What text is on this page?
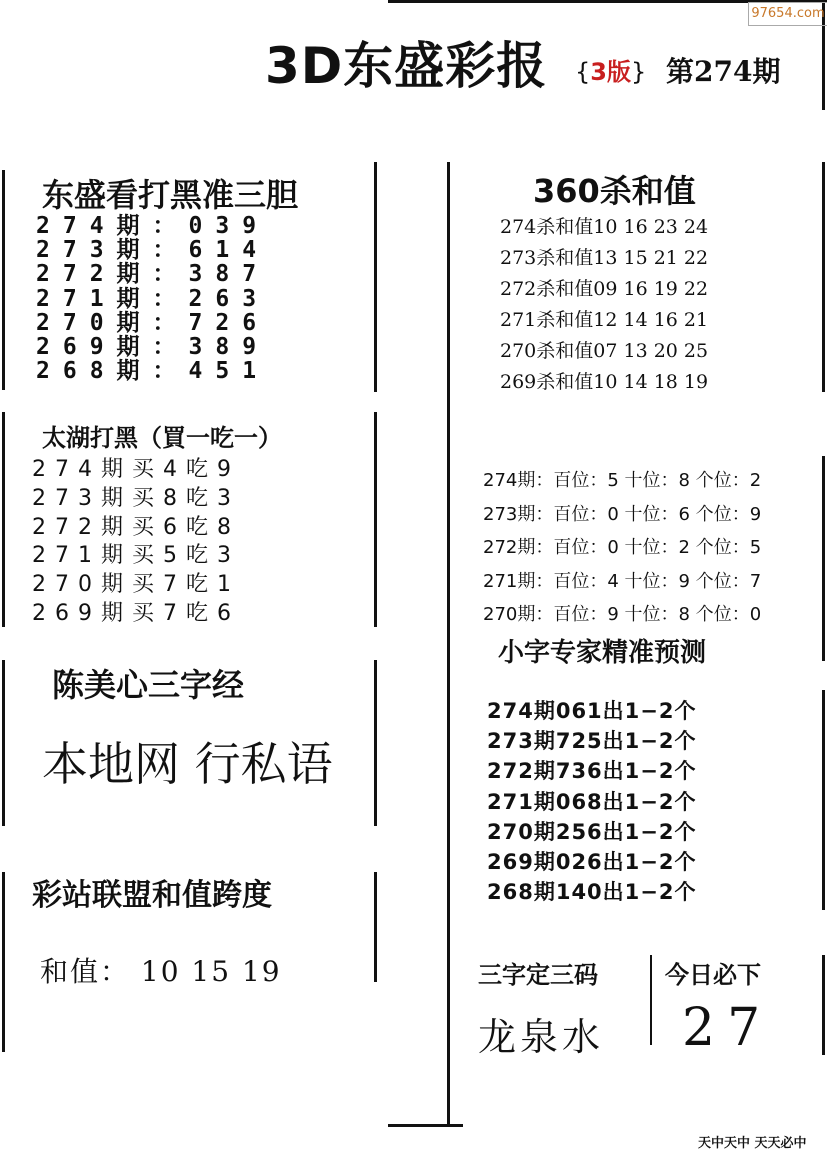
3D东盛彩报 {3版} 第274期
97654.com
天中天中 天天必中
东盛看打黑准三胆
274期：039
273期：614
272期：387
271期：263
270期：726
269期：389
268期：451
太湖打黑（買一吃一）
274期买4吃9
273期买8吃3
272期买6吃8
271期买5吃3
270期买7吃1
269期买7吃6
陈美心三字经
本地网 行私语
彩站联盟和值跨度
和值： 10 15 19
360杀和值
274杀和值10 16 23 24
273杀和值13 15 21 22
272杀和值09 16 19 22
271杀和值12 14 16 21
270杀和值07 13 20 25
269杀和值10 14 18 19
274期：百位：5 十位：8 个位：2
273期：百位：0 十位：6 个位：9
272期：百位：0 十位：2 个位：5
271期：百位：4 十位：9 个位：7
270期：百位：9 十位：8 个位：0
小字专家精准预测
274期061出1−2个
273期725出1−2个
272期736出1−2个
271期068出1−2个
270期256出1−2个
269期026出1−2个
268期140出1−2个
三字定三码
龙泉水
今日必下
27
